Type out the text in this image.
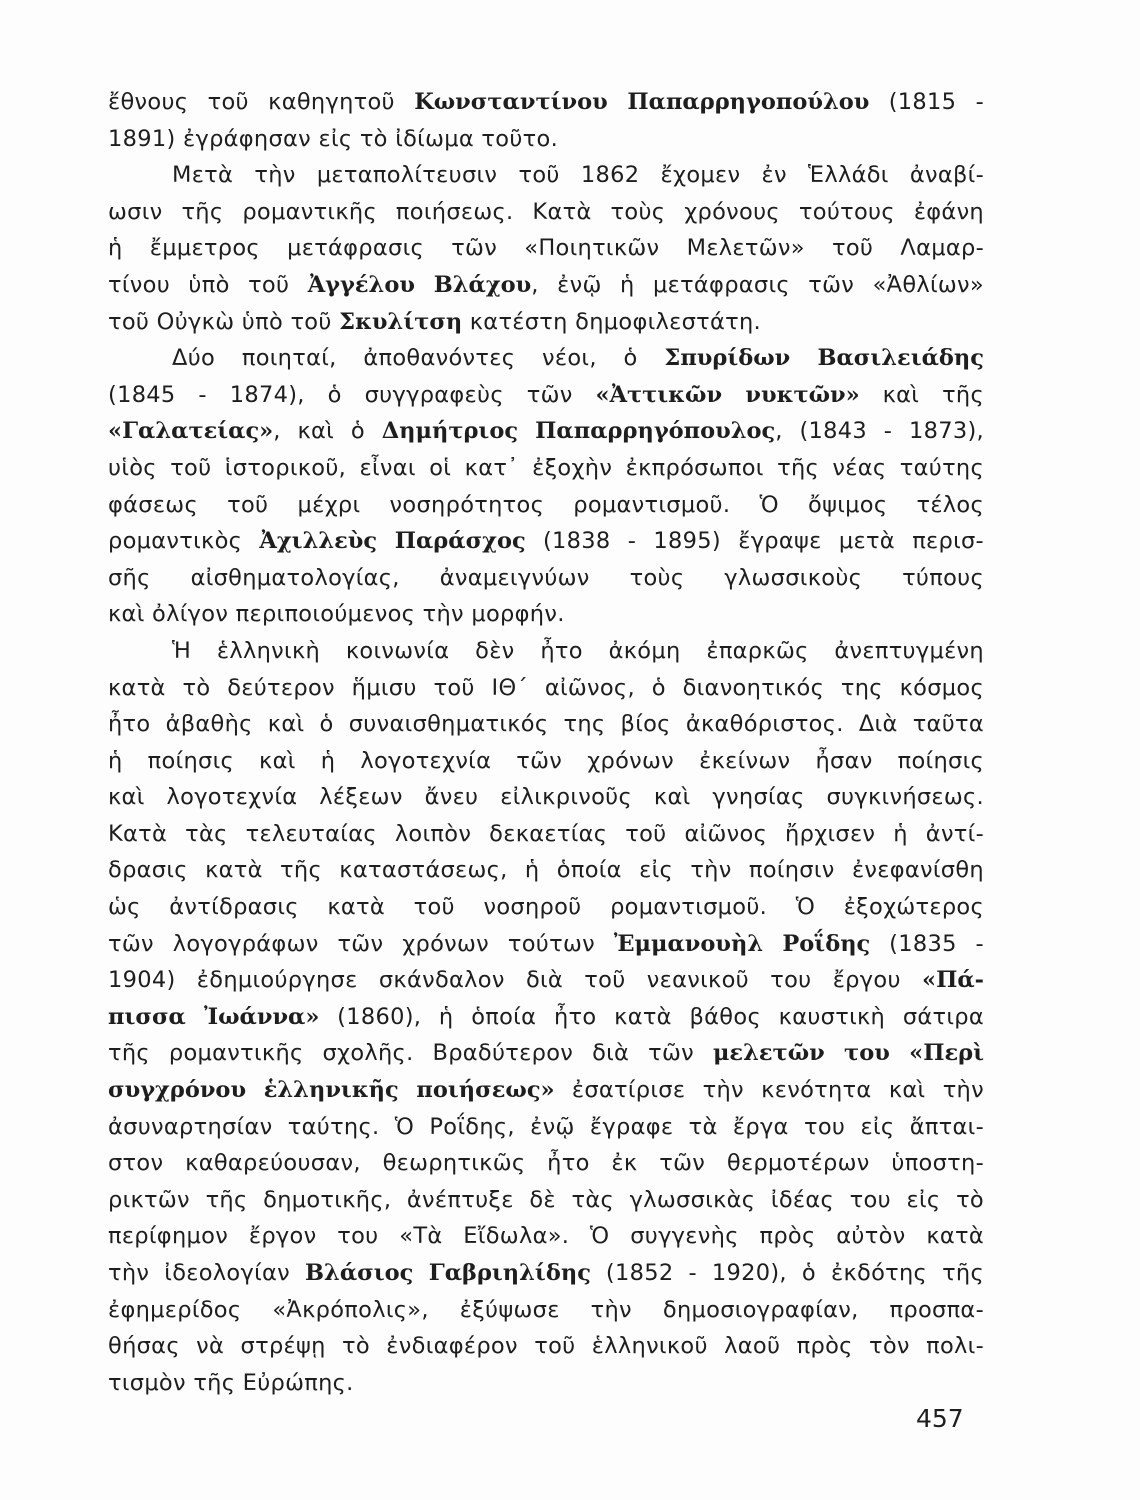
ἔθνους τοῦ καθηγητοῦ Κωνσταντίνου Παπαρρηγοπούλου (1815 -
1891) ἐγράφησαν εἰς τὸ ἰδίωμα τοῦτο.
Μετὰ τὴν μεταπολίτευσιν τοῦ 1862 ἔχομεν ἐν Ἑλλάδι ἀναβί-
ωσιν τῆς ρομαντικῆς ποιήσεως. Κατὰ τοὺς χρόνους τούτους ἐφάνη
ἡ ἔμμετρος μετάφρασις τῶν «Ποιητικῶν Μελετῶν» τοῦ Λαμαρ-
τίνου ὑπὸ τοῦ Ἀγγέλου Βλάχου, ἐνῷ ἡ μετάφρασις τῶν «Ἀθλίων»
τοῦ Οὐγκὼ ὑπὸ τοῦ Σκυλίτση κατέστη δημοφιλεστάτη.
Δύο ποιηταί, ἀποθανόντες νέοι, ὁ Σπυρίδων Βασιλειάδης
(1845 - 1874), ὁ συγγραφεὺς τῶν «Ἀττικῶν νυκτῶν» καὶ τῆς
«Γαλατείας», καὶ ὁ Δημήτριος Παπαρρηγόπουλος, (1843 - 1873),
υἱὸς τοῦ ἱστορικοῦ, εἶναι οἱ κατ᾿ ἐξοχὴν ἐκπρόσωποι τῆς νέας ταύτης
φάσεως τοῦ μέχρι νοσηρότητος ρομαντισμοῦ. Ὁ ὄψιμος τέλος
ρομαντικὸς Ἀχιλλεὺς Παράσχος (1838 - 1895) ἔγραψε μετὰ περισ-
σῆς αἰσθηματολογίας, ἀναμειγνύων τοὺς γλωσσικοὺς τύπους
καὶ ὀλίγον περιποιούμενος τὴν μορφήν.
Ἡ ἑλληνικὴ κοινωνία δὲν ἦτο ἀκόμη ἐπαρκῶς ἀνεπτυγμένη
κατὰ τὸ δεύτερον ἥμισυ τοῦ ΙΘ΄ αἰῶνος, ὁ διανοητικός της κόσμος
ἦτο ἀβαθὴς καὶ ὁ συναισθηματικός της βίος ἀκαθόριστος. Διὰ ταῦτα
ἡ ποίησις καὶ ἡ λογοτεχνία τῶν χρόνων ἐκείνων ἦσαν ποίησις
καὶ λογοτεχνία λέξεων ἄνευ εἰλικρινοῦς καὶ γνησίας συγκινήσεως.
Κατὰ τὰς τελευταίας λοιπὸν δεκαετίας τοῦ αἰῶνος ἤρχισεν ἡ ἀντί-
δρασις κατὰ τῆς καταστάσεως, ἡ ὁποία εἰς τὴν ποίησιν ἐνεφανίσθη
ὡς ἀντίδρασις κατὰ τοῦ νοσηροῦ ρομαντισμοῦ. Ὁ ἐξοχώτερος
τῶν λογογράφων τῶν χρόνων τούτων Ἐμμανουὴλ Ροΐδης (1835 -
1904) ἐδημιούργησε σκάνδαλον διὰ τοῦ νεανικοῦ του ἔργου «Πά-
πισσα Ἰωάννα» (1860), ἡ ὁποία ἦτο κατὰ βάθος καυστικὴ σάτιρα
τῆς ρομαντικῆς σχολῆς. Βραδύτερον διὰ τῶν μελετῶν του «Περὶ
συγχρόνου ἑλληνικῆς ποιήσεως» ἐσατίρισε τὴν κενότητα καὶ τὴν
ἀσυναρτησίαν ταύτης. Ὁ Ροΐδης, ἐνῷ ἔγραφε τὰ ἔργα του εἰς ἄπται-
στον καθαρεύουσαν, θεωρητικῶς ἦτο ἐκ τῶν θερμοτέρων ὑποστη-
ρικτῶν τῆς δημοτικῆς, ἀνέπτυξε δὲ τὰς γλωσσικὰς ἰδέας του εἰς τὸ
περίφημον ἔργον του «Τὰ Εἴδωλα». Ὁ συγγενὴς πρὸς αὐτὸν κατὰ
τὴν ἰδεολογίαν Βλάσιος Γαβριηλίδης (1852 - 1920), ὁ ἐκδότης τῆς
ἐφημερίδος «Ἀκρόπολις», ἐξύψωσε τὴν δημοσιογραφίαν, προσπα-
θήσας νὰ στρέψῃ τὸ ἐνδιαφέρον τοῦ ἑλληνικοῦ λαοῦ πρὸς τὸν πολι-
τισμὸν τῆς Εὐρώπης.
457
